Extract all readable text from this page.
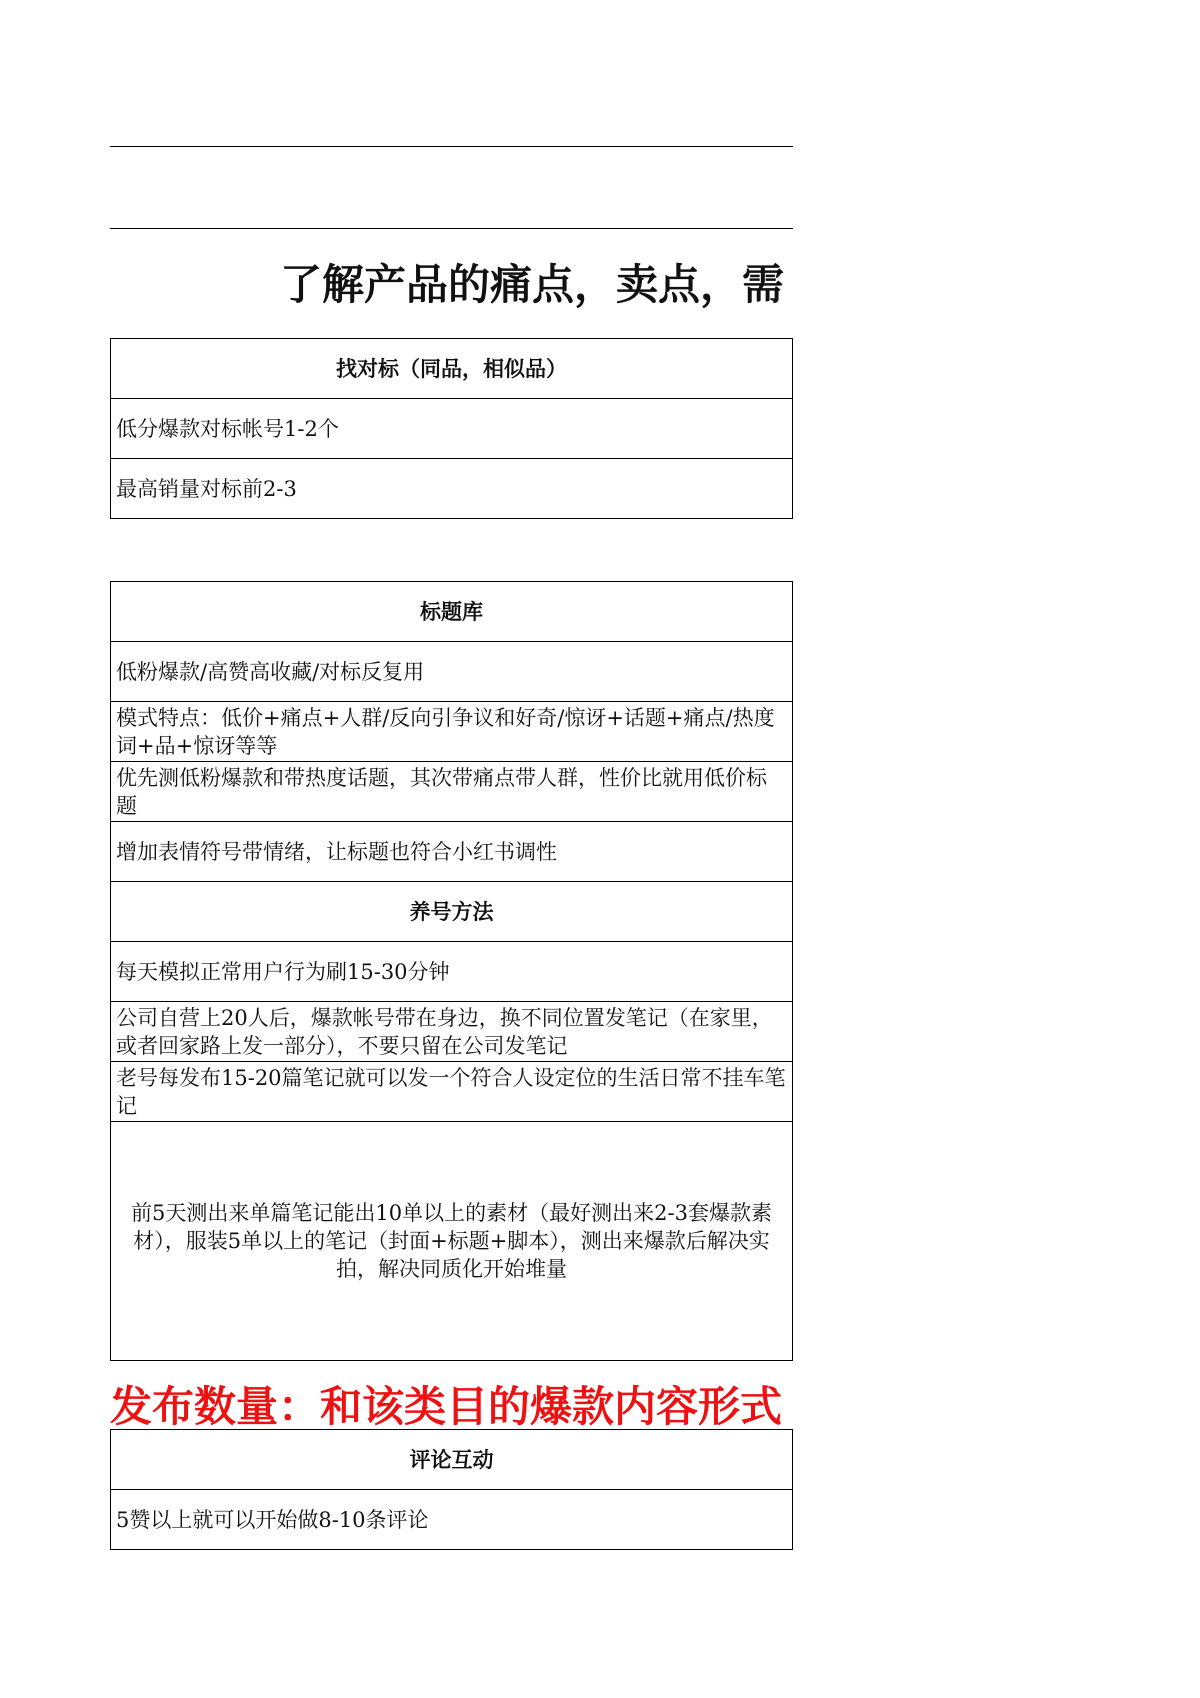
了解产品的痛点，卖点，需
找对标（同品，相似品）
低分爆款对标帐号1-2个
最高销量对标前2-3
标题库
低粉爆款/高赞高收藏/对标反复用
模式特点：低价+痛点+人群/反向引争议和好奇/惊讶+话题+痛点/热度词+品+惊讶等等
优先测低粉爆款和带热度话题，其次带痛点带人群，性价比就用低价标题
增加表情符号带情绪，让标题也符合小红书调性
养号方法
每天模拟正常用户行为刷15-30分钟
公司自营上20人后，爆款帐号带在身边，换不同位置发笔记（在家里，或者回家路上发一部分），不要只留在公司发笔记
老号每发布15-20篇笔记就可以发一个符合人设定位的生活日常不挂车笔记
前5天测出来单篇笔记能出10单以上的素材（最好测出来2-3套爆款素材），服装5单以上的笔记（封面+标题+脚本），测出来爆款后解决实拍，解决同质化开始堆量
发布数量：和该类目的爆款内容形式
评论互动
5赞以上就可以开始做8-10条评论
